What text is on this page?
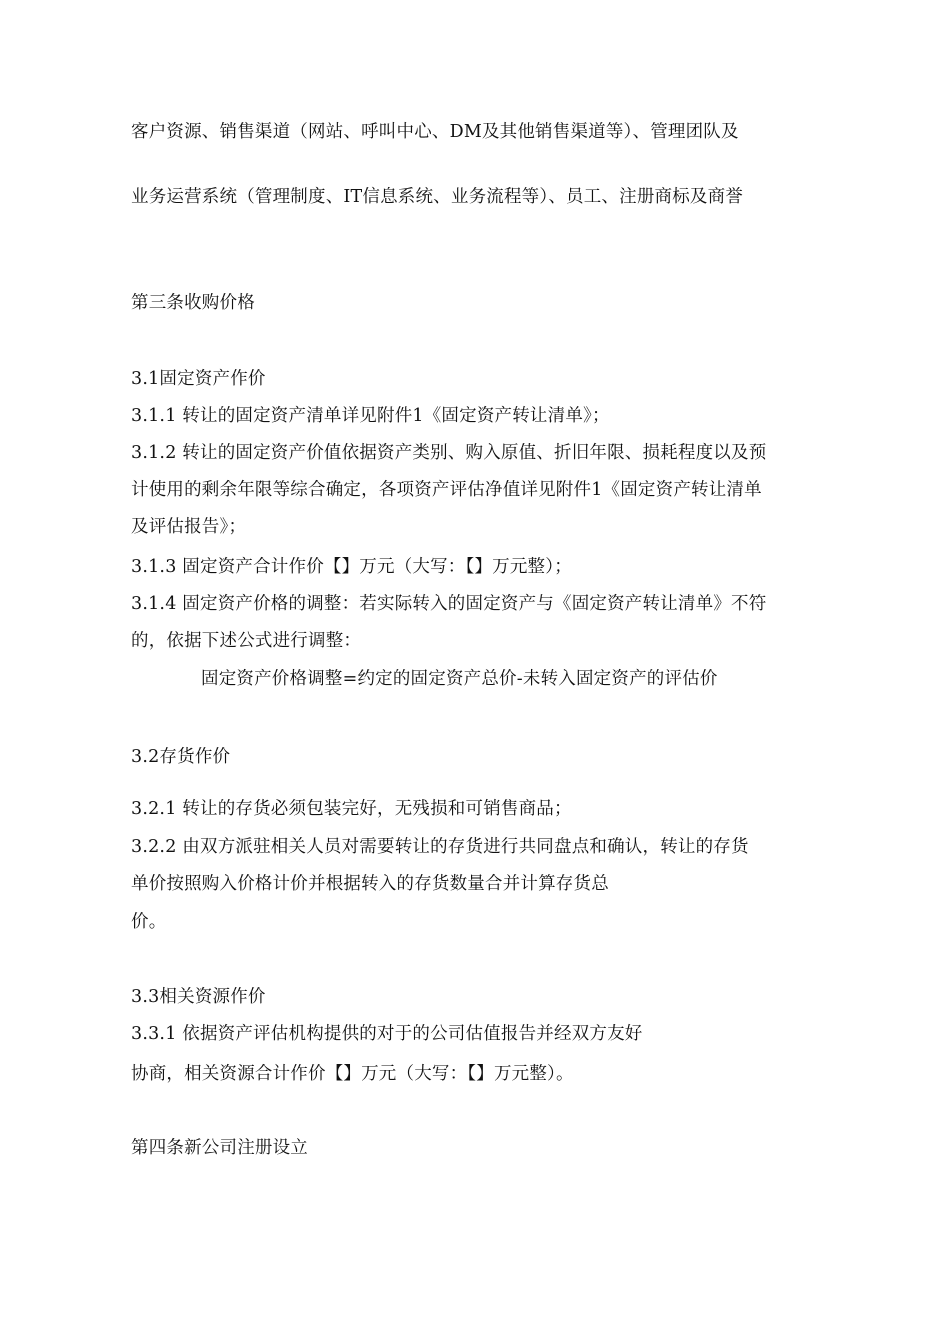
客户资源、销售渠道（网站、呼叫中心、DM及其他销售渠道等）、管理团队及
业务运营系统（管理制度、IT信息系统、业务流程等）、员工、注册商标及商誉
第三条收购价格
3.1固定资产作价
3.1.1 转让的固定资产清单详见附件1《固定资产转让清单》；
3.1.2 转让的固定资产价值依据资产类别、购入原值、折旧年限、损耗程度以及预
计使用的剩余年限等综合确定，各项资产评估净值详见附件1《固定资产转让清单
及评估报告》；
3.1.3 固定资产合计作价【】万元（大写：【】万元整）；
3.1.4 固定资产价格的调整：若实际转入的固定资产与《固定资产转让清单》不符
的，依据下述公式进行调整：
固定资产价格调整=约定的固定资产总价-未转入固定资产的评估价
3.2存货作价
3.2.1 转让的存货必须包装完好，无残损和可销售商品；
3.2.2 由双方派驻相关人员对需要转让的存货进行共同盘点和确认，转让的存货
单价按照购入价格计价并根据转入的存货数量合并计算存货总
价。
3.3相关资源作价
3.3.1 依据资产评估机构提供的对于的公司估值报告并经双方友好
协商，相关资源合计作价【】万元（大写：【】万元整）。
第四条新公司注册设立
